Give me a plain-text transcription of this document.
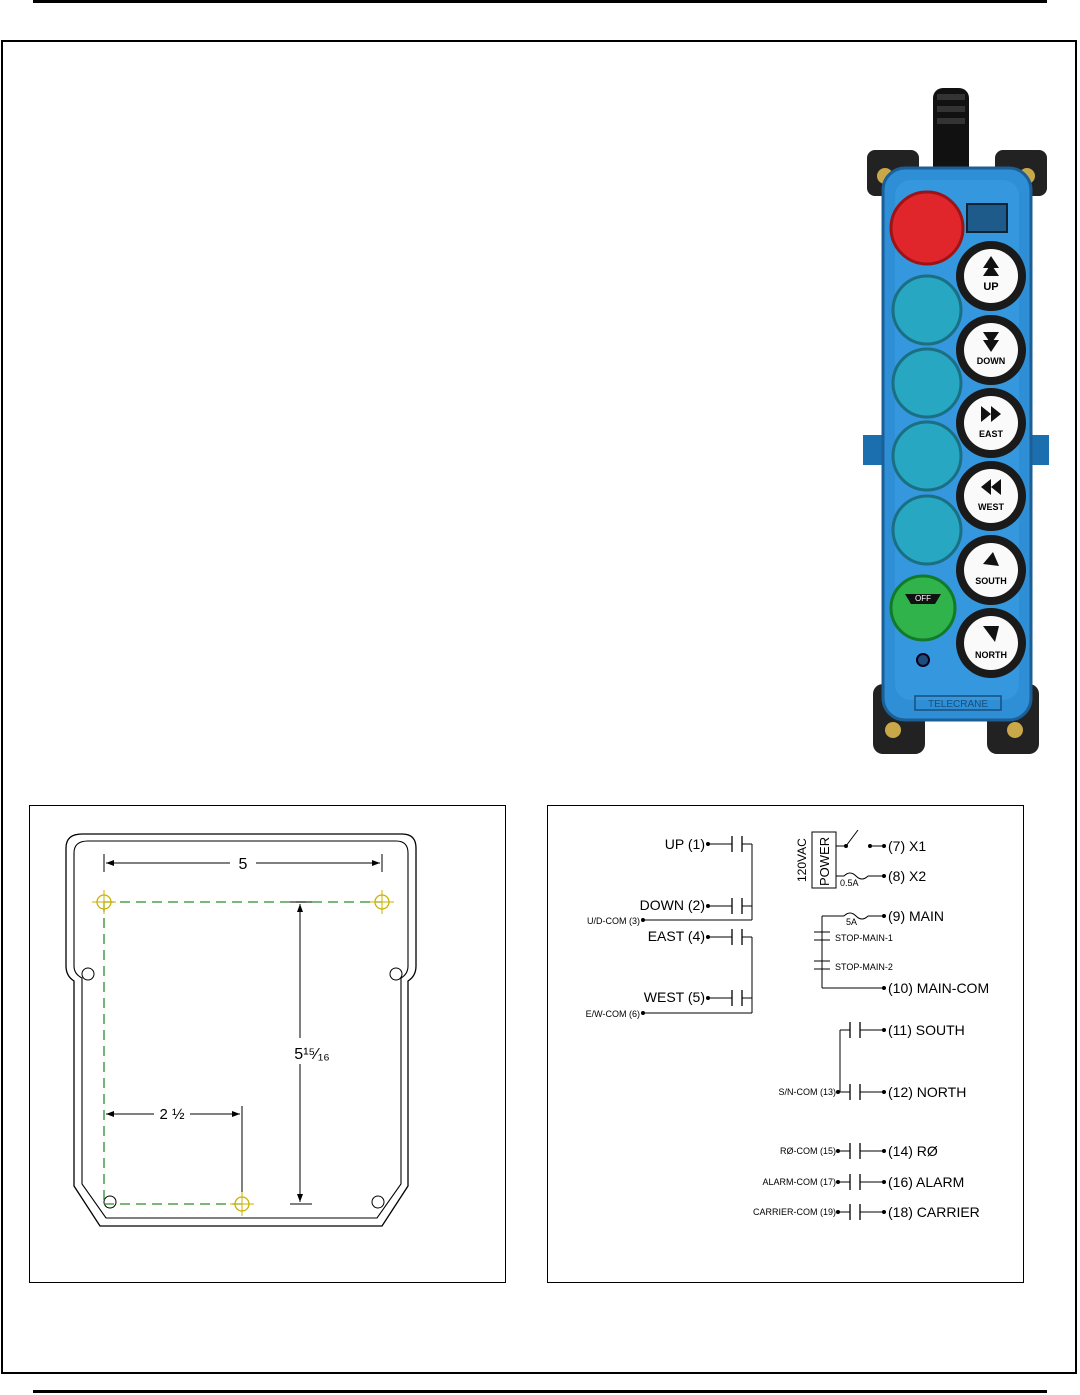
OFF
UP
DOWN
EAST
WEST
SOUTH
NORTH
TELECRANE
5
5¹⁵⁄₁₆
2 ½
UP (1)
DOWN (2)
U/D-COM (3)
EAST (4)
WEST (5)
E/W-COM (6)
POWER
120VAC	(7) X1
0.5A (8) X2
5A (9) MAIN
STOP-MAIN-1
STOP-MAIN-2
(10) MAIN-COM
(11) SOUTH
S/N-COM (13)	(12) NORTH
RØ-COM (15)	(14) RØ
ALARM-COM (17)	(16) ALARM
CARRIER-COM (19)	(18) CARRIER
